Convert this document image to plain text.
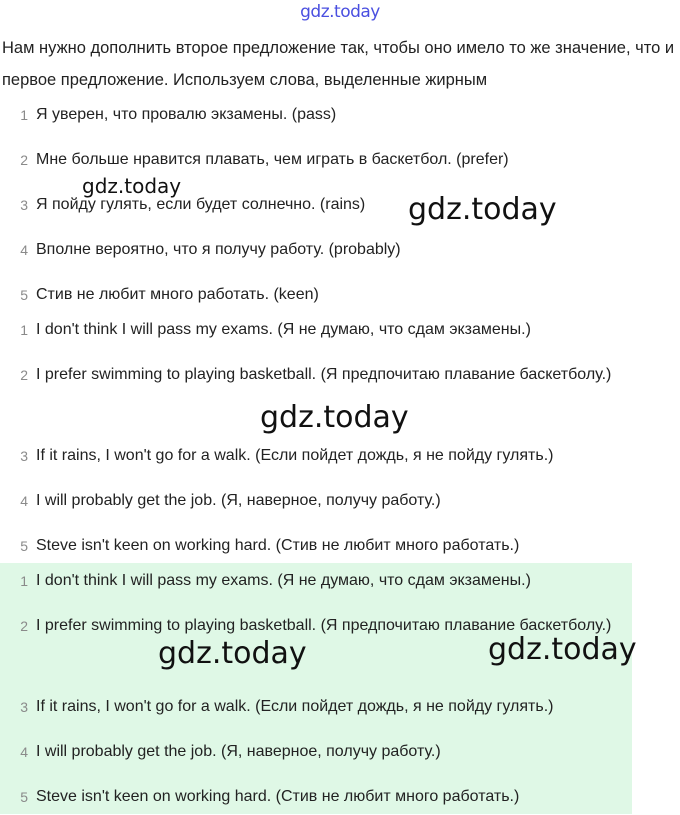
gdz.today
Нам нужно дополнить второе предложение так, чтобы оно имело то же значение, что и первое предложение. Используем слова, выделенные жирным
1 Я уверен, что провалю экзамены. (pass)
2 Мне больше нравится плавать, чем играть в баскетбол. (prefer)
3 Я пойду гулять, если будет солнечно. (rains)
4 Вполне вероятно, что я получу работу. (probably)
5 Стив не любит много работать. (keen)
1 I don't think I will pass my exams. (Я не думаю, что сдам экзамены.)
2 I prefer swimming to playing basketball. (Я предпочитаю плавание баскетболу.)
3 If it rains, I won't go for a walk. (Если пойдет дождь, я не пойду гулять.)
4 I will probably get the job. (Я, наверное, получу работу.)
5 Steve isn't keen on working hard. (Стив не любит много работать.)
1 I don't think I will pass my exams. (Я не думаю, что сдам экзамены.)
2 I prefer swimming to playing basketball. (Я предпочитаю плавание баскетболу.)
3 If it rains, I won't go for a walk. (Если пойдет дождь, я не пойду гулять.)
4 I will probably get the job. (Я, наверное, получу работу.)
5 Steve isn't keen on working hard. (Стив не любит много работать.)
gdz.today
gdz.today
gdz.today
gdz.today	gdz.today
